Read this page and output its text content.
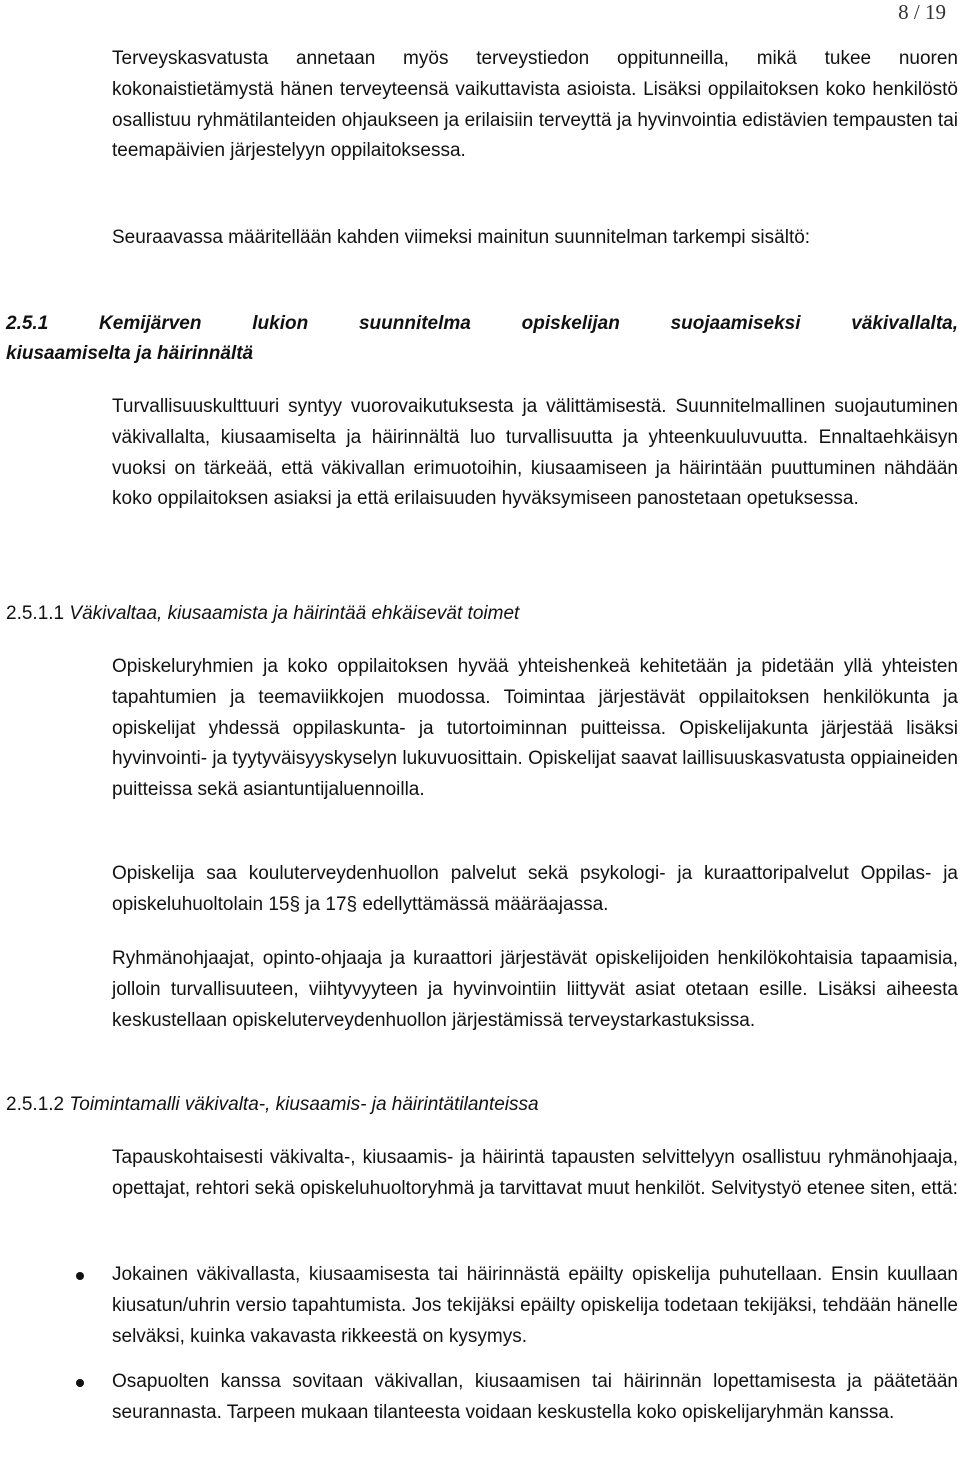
8 / 19

Terveyskasvatusta annetaan myös terveystiedon oppitunneilla, mikä tukee nuoren kokonaistietämystä hänen terveyteensä vaikuttavista asioista. Lisäksi oppilaitoksen koko henkilöstö osallistuu ryhmätilanteiden ohjaukseen ja erilaisiin terveyttä ja hyvinvointia edistävien tempausten tai teemapäivien järjestelyyn oppilaitoksessa.

Seuraavassa määritellään kahden viimeksi mainitun suunnitelman tarkempi sisältö:

2.5.1 Kemijärven lukion suunnitelma opiskelijan suojaamiseksi väkivallalta,
kiusaamiselta ja häirinnältä

Turvallisuuskulttuuri syntyy vuorovaikutuksesta ja välittämisestä. Suunnitelmallinen suojautuminen väkivallalta, kiusaamiselta ja häirinnältä luo turvallisuutta ja yhteenkuuluvuutta. Ennaltaehkäisyn vuoksi on tärkeää, että väkivallan erimuotoihin, kiusaamiseen ja häirintään puuttuminen nähdään koko oppilaitoksen asiaksi ja että erilaisuuden hyväksymiseen panostetaan opetuksessa.

2.5.1.1 Väkivaltaa, kiusaamista ja häirintää ehkäisevät toimet

Opiskeluryhmien ja koko oppilaitoksen hyvää yhteishenkeä kehitetään ja pidetään yllä yhteisten tapahtumien ja teemaviikkojen muodossa. Toimintaa järjestävät oppilaitoksen henkilökunta ja opiskelijat yhdessä oppilaskunta- ja tutortoiminnan puitteissa. Opiskelijakunta järjestää lisäksi hyvinvointi- ja tyytyväisyyskyselyn lukuvuosittain. Opiskelijat saavat laillisuuskasvatusta oppiaineiden puitteissa sekä asiantuntijaluennoilla.

Opiskelija saa kouluterveydenhuollon palvelut sekä psykologi- ja kuraattoripalvelut Oppilas- ja opiskeluhuoltolain 15§ ja 17§ edellyttämässä määräajassa.

Ryhmänohjaajat, opinto-ohjaaja ja kuraattori järjestävät opiskelijoiden henkilökohtaisia tapaamisia, jolloin turvallisuuteen, viihtyvyyteen ja hyvinvointiin liittyvät asiat otetaan esille. Lisäksi aiheesta keskustellaan opiskeluterveydenhuollon järjestämissä terveystarkastuksissa.

2.5.1.2 Toimintamalli väkivalta-, kiusaamis- ja häirintätilanteissa

Tapauskohtaisesti väkivalta-, kiusaamis- ja häirintä tapausten selvittelyyn osallistuu ryhmänohjaaja, opettajat, rehtori sekä opiskeluhuoltoryhmä ja tarvittavat muut henkilöt. Selvitystyö etenee siten, että:

Jokainen väkivallasta, kiusaamisesta tai häirinnästä epäilty opiskelija puhutellaan. Ensin kuullaan kiusatun/uhrin versio tapahtumista. Jos tekijäksi epäilty opiskelija todetaan tekijäksi, tehdään hänelle selväksi, kuinka vakavasta rikkeestä on kysymys.
Osapuolten kanssa sovitaan väkivallan, kiusaamisen tai häirinnän lopettamisesta ja päätetään seurannasta. Tarpeen mukaan tilanteesta voidaan keskustella koko opiskelijaryhmän kanssa.
